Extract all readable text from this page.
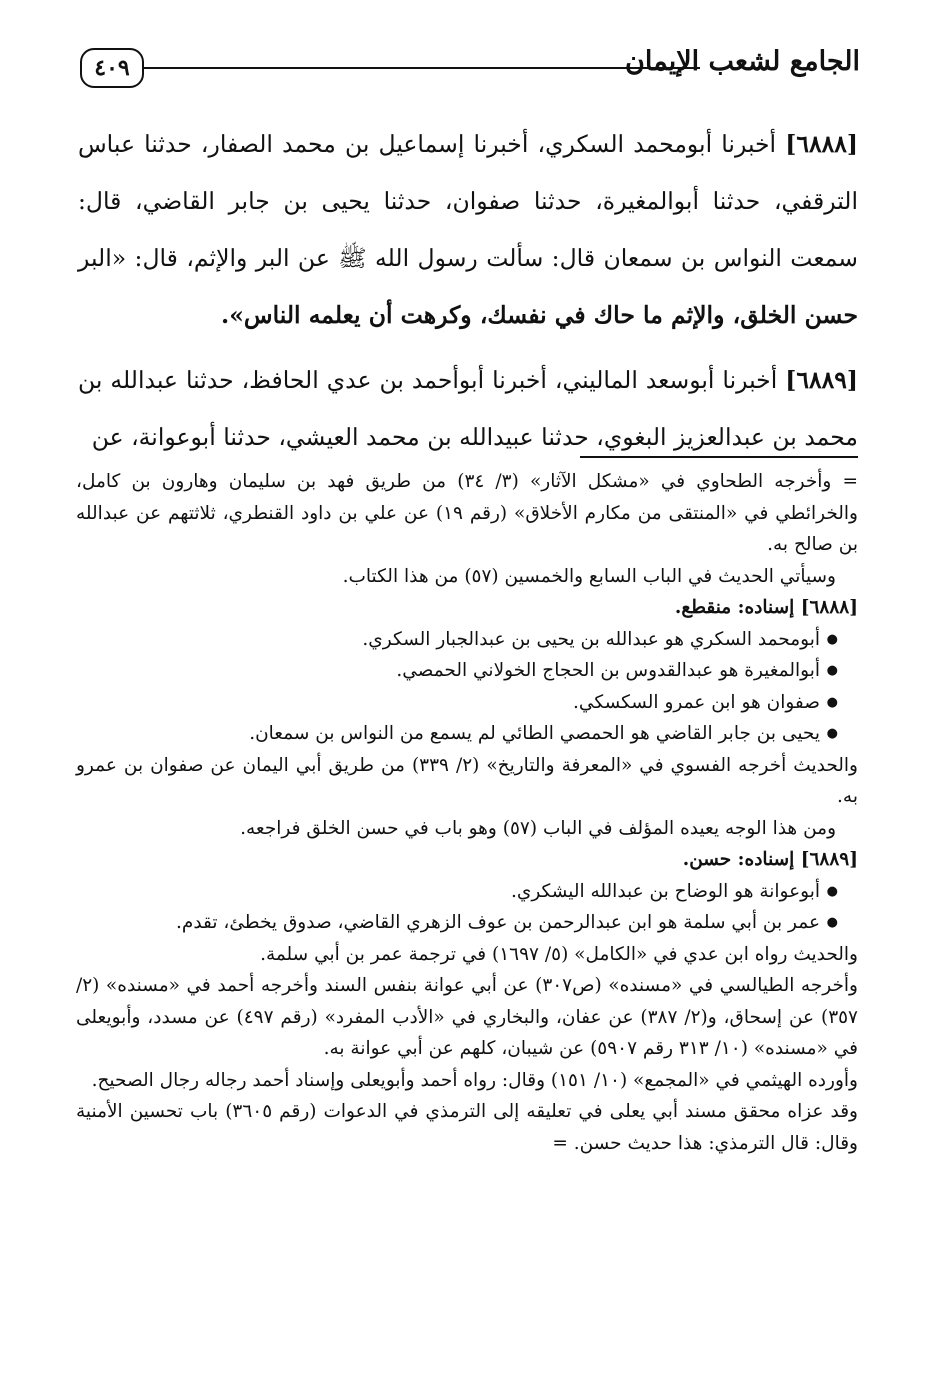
٤٠٩	الجامع لشعب الإيمان

[٦٨٨٨] أخبرنا أبومحمد السكري، أخبرنا إسماعيل بن محمد الصفار، حدثنا عباس الترقفي، حدثنا أبوالمغيرة، حدثنا صفوان، حدثنا يحيى بن جابر القاضي، قال: سمعت النواس بن سمعان قال: سألت رسول الله ﷺ عن البر والإثم، قال: «البر حسن الخلق، والإثم ما حاك في نفسك، وكرهت أن يعلمه الناس».

[٦٨٨٩] أخبرنا أبوسعد الماليني، أخبرنا أبوأحمد بن عدي الحافظ، حدثنا عبدالله بن محمد بن عبدالعزيز البغوي، حدثنا عبيدالله بن محمد العيشي، حدثنا أبوعوانة، عن

= وأخرجه الطحاوي في «مشكل الآثار» (٣/ ٣٤) من طريق فهد بن سليمان وهارون بن كامل، والخرائطي في «المنتقى من مكارم الأخلاق» (رقم ١٩) عن علي بن داود القنطري، ثلاثتهم عن عبدالله بن صالح به.

وسيأتي الحديث في الباب السابع والخمسين (٥٧) من هذا الكتاب.

[٦٨٨٨] إسناده: منقطع.

● أبومحمد السكري هو عبدالله بن يحيى بن عبدالجبار السكري.
● أبوالمغيرة هو عبدالقدوس بن الحجاج الخولاني الحمصي.
● صفوان هو ابن عمرو السكسكي.
● يحيى بن جابر القاضي هو الحمصي الطائي لم يسمع من النواس بن سمعان.

والحديث أخرجه الفسوي في «المعرفة والتاريخ» (٢/ ٣٣٩) من طريق أبي اليمان عن صفوان بن عمرو به.

ومن هذا الوجه يعيده المؤلف في الباب (٥٧) وهو باب في حسن الخلق فراجعه.

[٦٨٨٩] إسناده: حسن.

● أبوعوانة هو الوضاح بن عبدالله اليشكري.
● عمر بن أبي سلمة هو ابن عبدالرحمن بن عوف الزهري القاضي، صدوق يخطئ، تقدم.

والحديث رواه ابن عدي في «الكامل» (٥/ ١٦٩٧) في ترجمة عمر بن أبي سلمة.

وأخرجه الطيالسي في «مسنده» (ص٣٠٧) عن أبي عوانة بنفس السند وأخرجه أحمد في «مسنده» (٢/ ٣٥٧) عن إسحاق، و(٢/ ٣٨٧) عن عفان، والبخاري في «الأدب المفرد» (رقم ٤٩٧) عن مسدد، وأبويعلى في «مسنده» (١٠/ ٣١٣ رقم ٥٩٠٧) عن شيبان، كلهم عن أبي عوانة به.

وأورده الهيثمي في «المجمع» (١٠/ ١٥١) وقال: رواه أحمد وأبويعلى وإسناد أحمد رجاله رجال الصحيح.

وقد عزاه محقق مسند أبي يعلى في تعليقه إلى الترمذي في الدعوات (رقم ٣٦٠٥) باب تحسين الأمنية وقال: قال الترمذي: هذا حديث حسن. =
